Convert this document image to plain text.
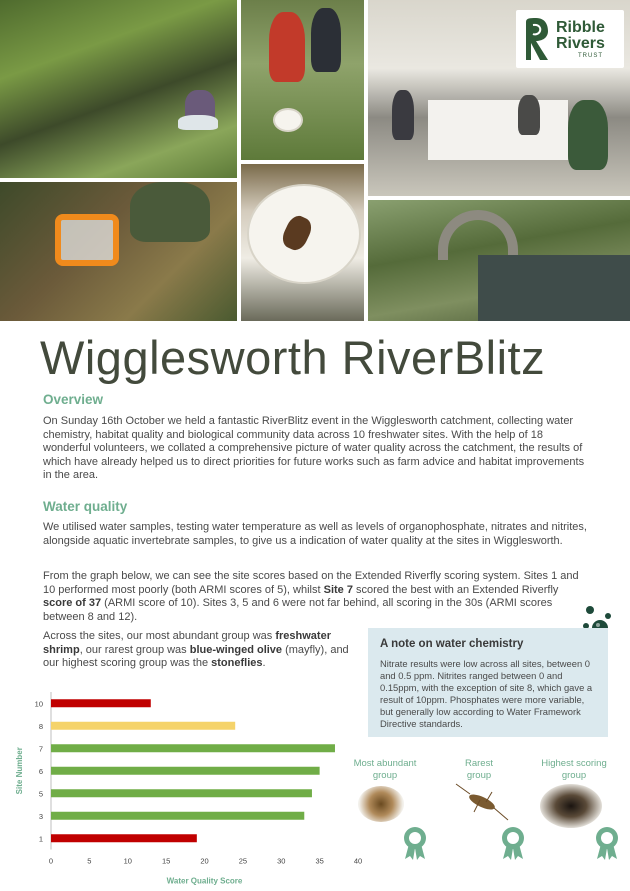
Ribble
Rivers
TRUST
Wigglesworth RiverBlitz
Overview

On Sunday 16th October we held a fantastic RiverBlitz event in the Wigglesworth catchment, collecting water chemistry, habitat quality and biological community data across 10 freshwater sites. With the help of 18 wonderful volunteers, we collated a comprehensive picture of water quality across the catchment, the results of which have already helped us to direct priorities for future works such as farm advice and habitat improvements in the area.

Water quality

We utilised water samples, testing water temperature as well as levels of organophosphate, nitrates and nitrites, alongside aquatic invertebrate samples, to give us a indication of water quality at the sites in Wigglesworth.

From the graph below, we can see the site scores based on the Extended Riverfly scoring system. Sites 1 and 10 performed most poorly (both ARMI scores of 5), whilst Site 7 scored the best with an Extended Riverfly score of 37 (ARMI score of 10). Sites 3, 5 and 6 were not far behind, all scoring in the 30s (ARMI scores between 8 and 12).

Across the sites, our most abundant group was freshwater shrimp, our rarest group was blue-winged olive (mayfly), and our highest scoring group was the stoneflies.

A note on water chemistry
Nitrate results were low across all sites, between 0 and 0.5 ppm. Nitrites ranged between 0 and 0.15ppm, with the exception of site 8, which gave a result of 10ppm. Phosphates were more variable, but generally low according to Water Framework Directive standards.
10
8
7
6
5
3
1
0	5	10	15	20	25	30	35	40
Water Quality Score
Site Number	Most abundant group
Rarest group
Highest scoring group
